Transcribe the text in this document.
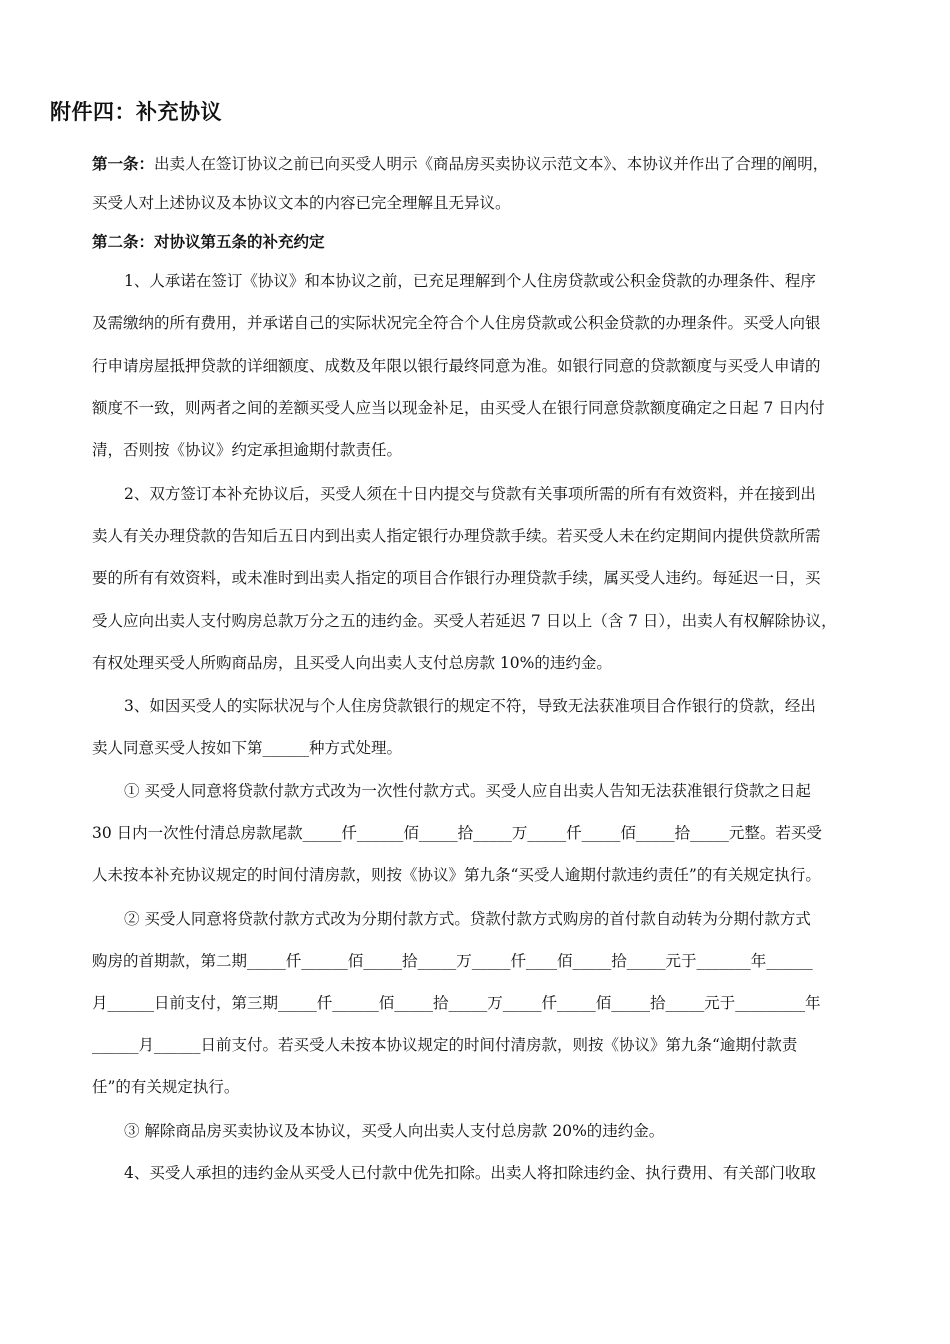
附件四：补充协议
第一条：出卖人在签订协议之前已向买受人明示《商品房买卖协议示范文本》、本协议并作出了合理的阐明，
买受人对上述协议及本协议文本的内容已完全理解且无异议。
第二条：对协议第五条的补充约定
1、人承诺在签订《协议》和本协议之前，已充足理解到个人住房贷款或公积金贷款的办理条件、程序
及需缴纳的所有费用，并承诺自己的实际状况完全符合个人住房贷款或公积金贷款的办理条件。买受人向银
行申请房屋抵押贷款的详细额度、成数及年限以银行最终同意为准。如银行同意的贷款额度与买受人申请的
额度不一致，则两者之间的差额买受人应当以现金补足，由买受人在银行同意贷款额度确定之日起 7 日内付
清，否则按《协议》约定承担逾期付款责任。
2、双方签订本补充协议后，买受人须在十日内提交与贷款有关事项所需的所有有效资料，并在接到出
卖人有关办理贷款的告知后五日内到出卖人指定银行办理贷款手续。若买受人未在约定期间内提供贷款所需
要的所有有效资料，或未准时到出卖人指定的项目合作银行办理贷款手续，属买受人违约。每延迟一日，买
受人应向出卖人支付购房总款万分之五的违约金。买受人若延迟 7 日以上（含 7 日），出卖人有权解除协议，
有权处理买受人所购商品房，且买受人向出卖人支付总房款 10%的违约金。
3、如因买受人的实际状况与个人住房贷款银行的规定不符，导致无法获准项目合作银行的贷款，经出
卖人同意买受人按如下第______种方式处理。
① 买受人同意将贷款付款方式改为一次性付款方式。买受人应自出卖人告知无法获准银行贷款之日起
30 日内一次性付清总房款尾款_____仟______佰_____拾_____万_____仟_____佰_____拾_____元整。若买受
人未按本补充协议规定的时间付清房款，则按《协议》第九条“买受人逾期付款违约责任”的有关规定执行。
② 买受人同意将贷款付款方式改为分期付款方式。贷款付款方式购房的首付款自动转为分期付款方式
购房的首期款，第二期_____仟______佰_____拾_____万_____仟____佰_____拾_____元于_______年______
月______日前支付，第三期_____仟______佰_____拾_____万_____仟_____佰_____拾_____元于_________年
______月______日前支付。若买受人未按本协议规定的时间付清房款，则按《协议》第九条“逾期付款责
任”的有关规定执行。
③ 解除商品房买卖协议及本协议，买受人向出卖人支付总房款 20%的违约金。
4、买受人承担的违约金从买受人已付款中优先扣除。出卖人将扣除违约金、执行费用、有关部门收取
